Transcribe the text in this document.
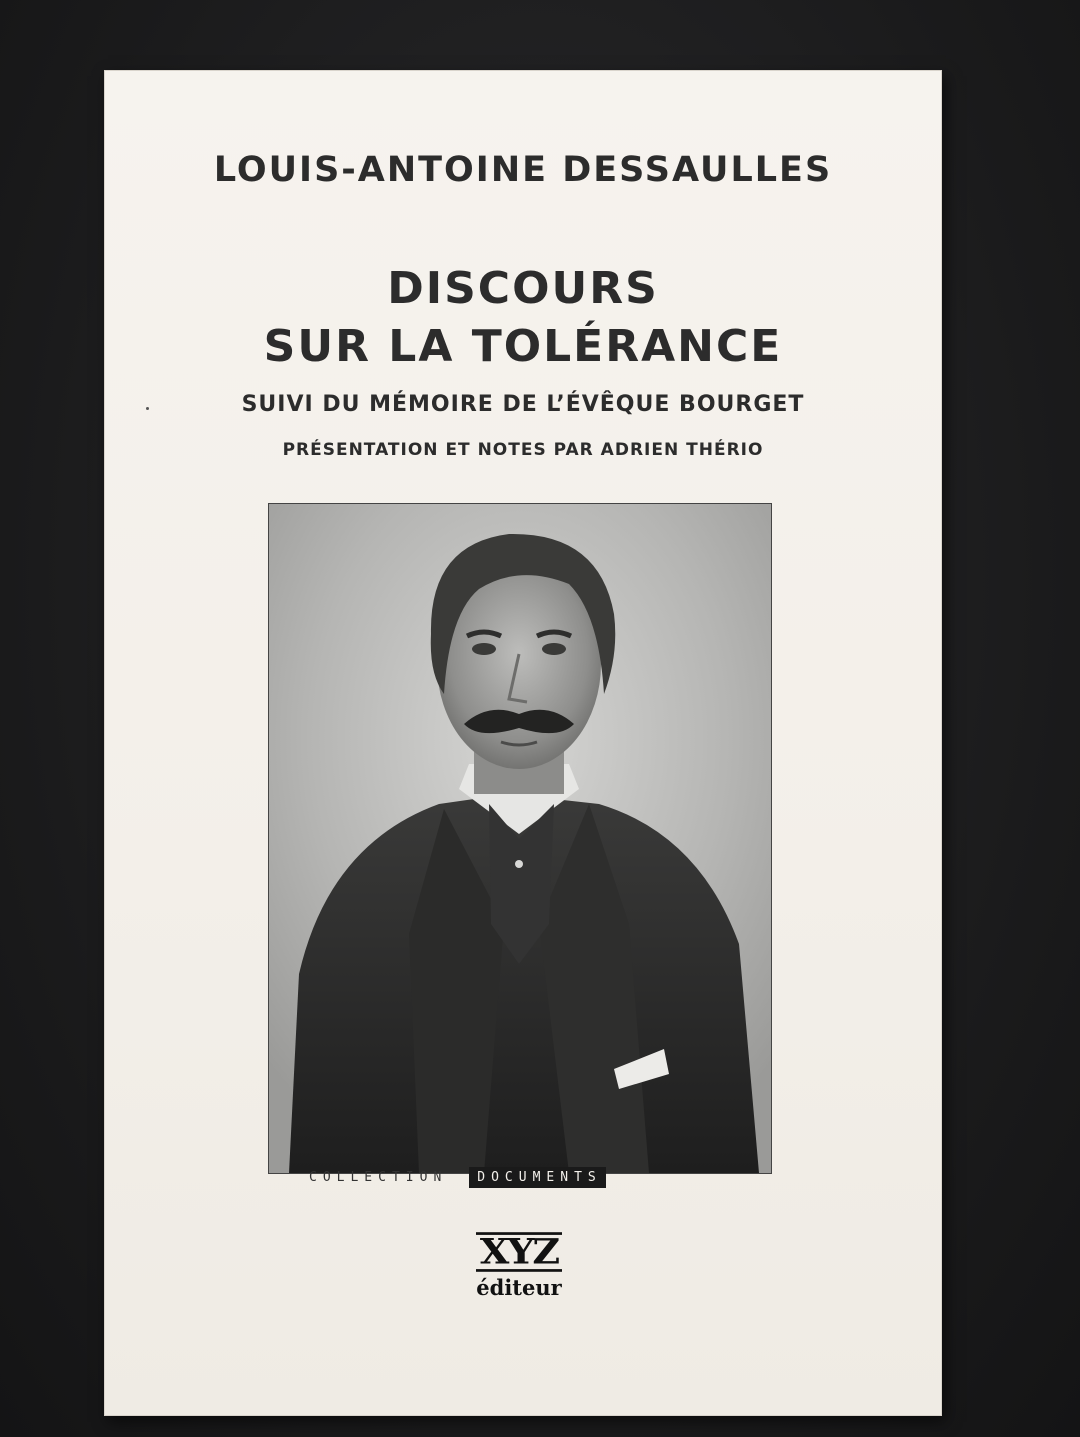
LOUIS-ANTOINE DESSAULLES
DISCOURS
SUR LA TOLÉRANCE
SUIVI DU MÉMOIRE DE L’ÉVÊQUE BOURGET
PRÉSENTATION ET NOTES PAR ADRIEN THÉRIO
COLLECTION	DOCUMENTS
XYZ
éditeur
